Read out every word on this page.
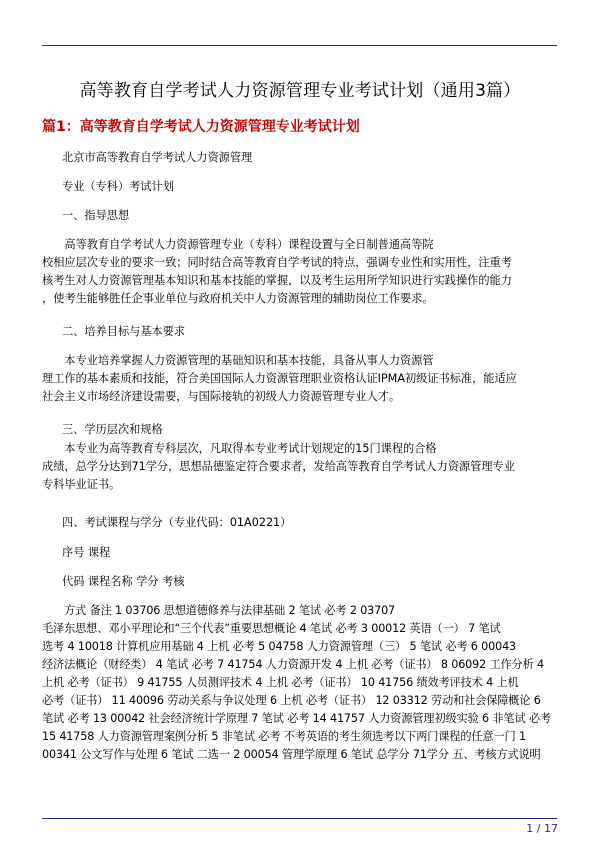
高等教育自学考试人力资源管理专业考试计划（通用3篇）
篇1：高等教育自学考试人力资源管理专业考试计划

北京市高等教育自学考试人力资源管理

专业（专科）考试计划

一、指导思想

　　高等教育自学考试人力资源管理专业（专科）课程设置与全日制普通高等院
校相应层次专业的要求一致；同时结合高等教育自学考试的特点，强调专业性和实用性，注重考
核考生对人力资源管理基本知识和基本技能的掌握，以及考生运用所学知识进行实践操作的能力
，使考生能够胜任企事业单位与政府机关中人力资源管理的辅助岗位工作要求。

二、培养目标与基本要求

　　本专业培养掌握人力资源管理的基础知识和基本技能，具备从事人力资源管
理工作的基本素质和技能，符合美国国际人力资源管理职业资格认证IPMA初级证书标准，能适应
社会主义市场经济建设需要，与国际接轨的初级人力资源管理专业人才。

三、学历层次和规格

　　本专业为高等教育专科层次，凡取得本专业考试计划规定的15门课程的合格
成绩，总学分达到71学分，思想品德鉴定符合要求者，发给高等教育自学考试人力资源管理专业
专科毕业证书。

四、考试课程与学分（专业代码：01A0221）

序号 课程

代码 课程名称 学分 考核

　　方式 备注 1 03706 思想道德修养与法律基础 2 笔试 必考 2 03707
毛泽东思想、邓小平理论和“三个代表”重要思想概论 4 笔试 必考 3 00012 英语（一） 7 笔试
选考 4 10018 计算机应用基础 4 上机 必考 5 04758 人力资源管理（三） 5 笔试 必考 6 00043
经济法概论（财经类） 4 笔试 必考 7 41754 人力资源开发 4 上机 必考（证书） 8 06092 工作分析 4
上机 必考（证书） 9 41755 人员测评技术 4 上机 必考（证书） 10 41756 绩效考评技术 4 上机
必考（证书） 11 40096 劳动关系与争议处理 6 上机 必考（证书） 12 03312 劳动和社会保障概论 6
笔试 必考 13 00042 社会经济统计学原理 7 笔试 必考 14 41757 人力资源管理初级实验 6 非笔试 必考
15 41758 人力资源管理案例分析 5 非笔试 必考 不考英语的考生须选考以下两门课程的任意一门 1
00341 公文写作与处理 6 笔试 二选一 2 00054 管理学原理 6 笔试 总学分 71学分 五、考核方式说明

1 / 17
